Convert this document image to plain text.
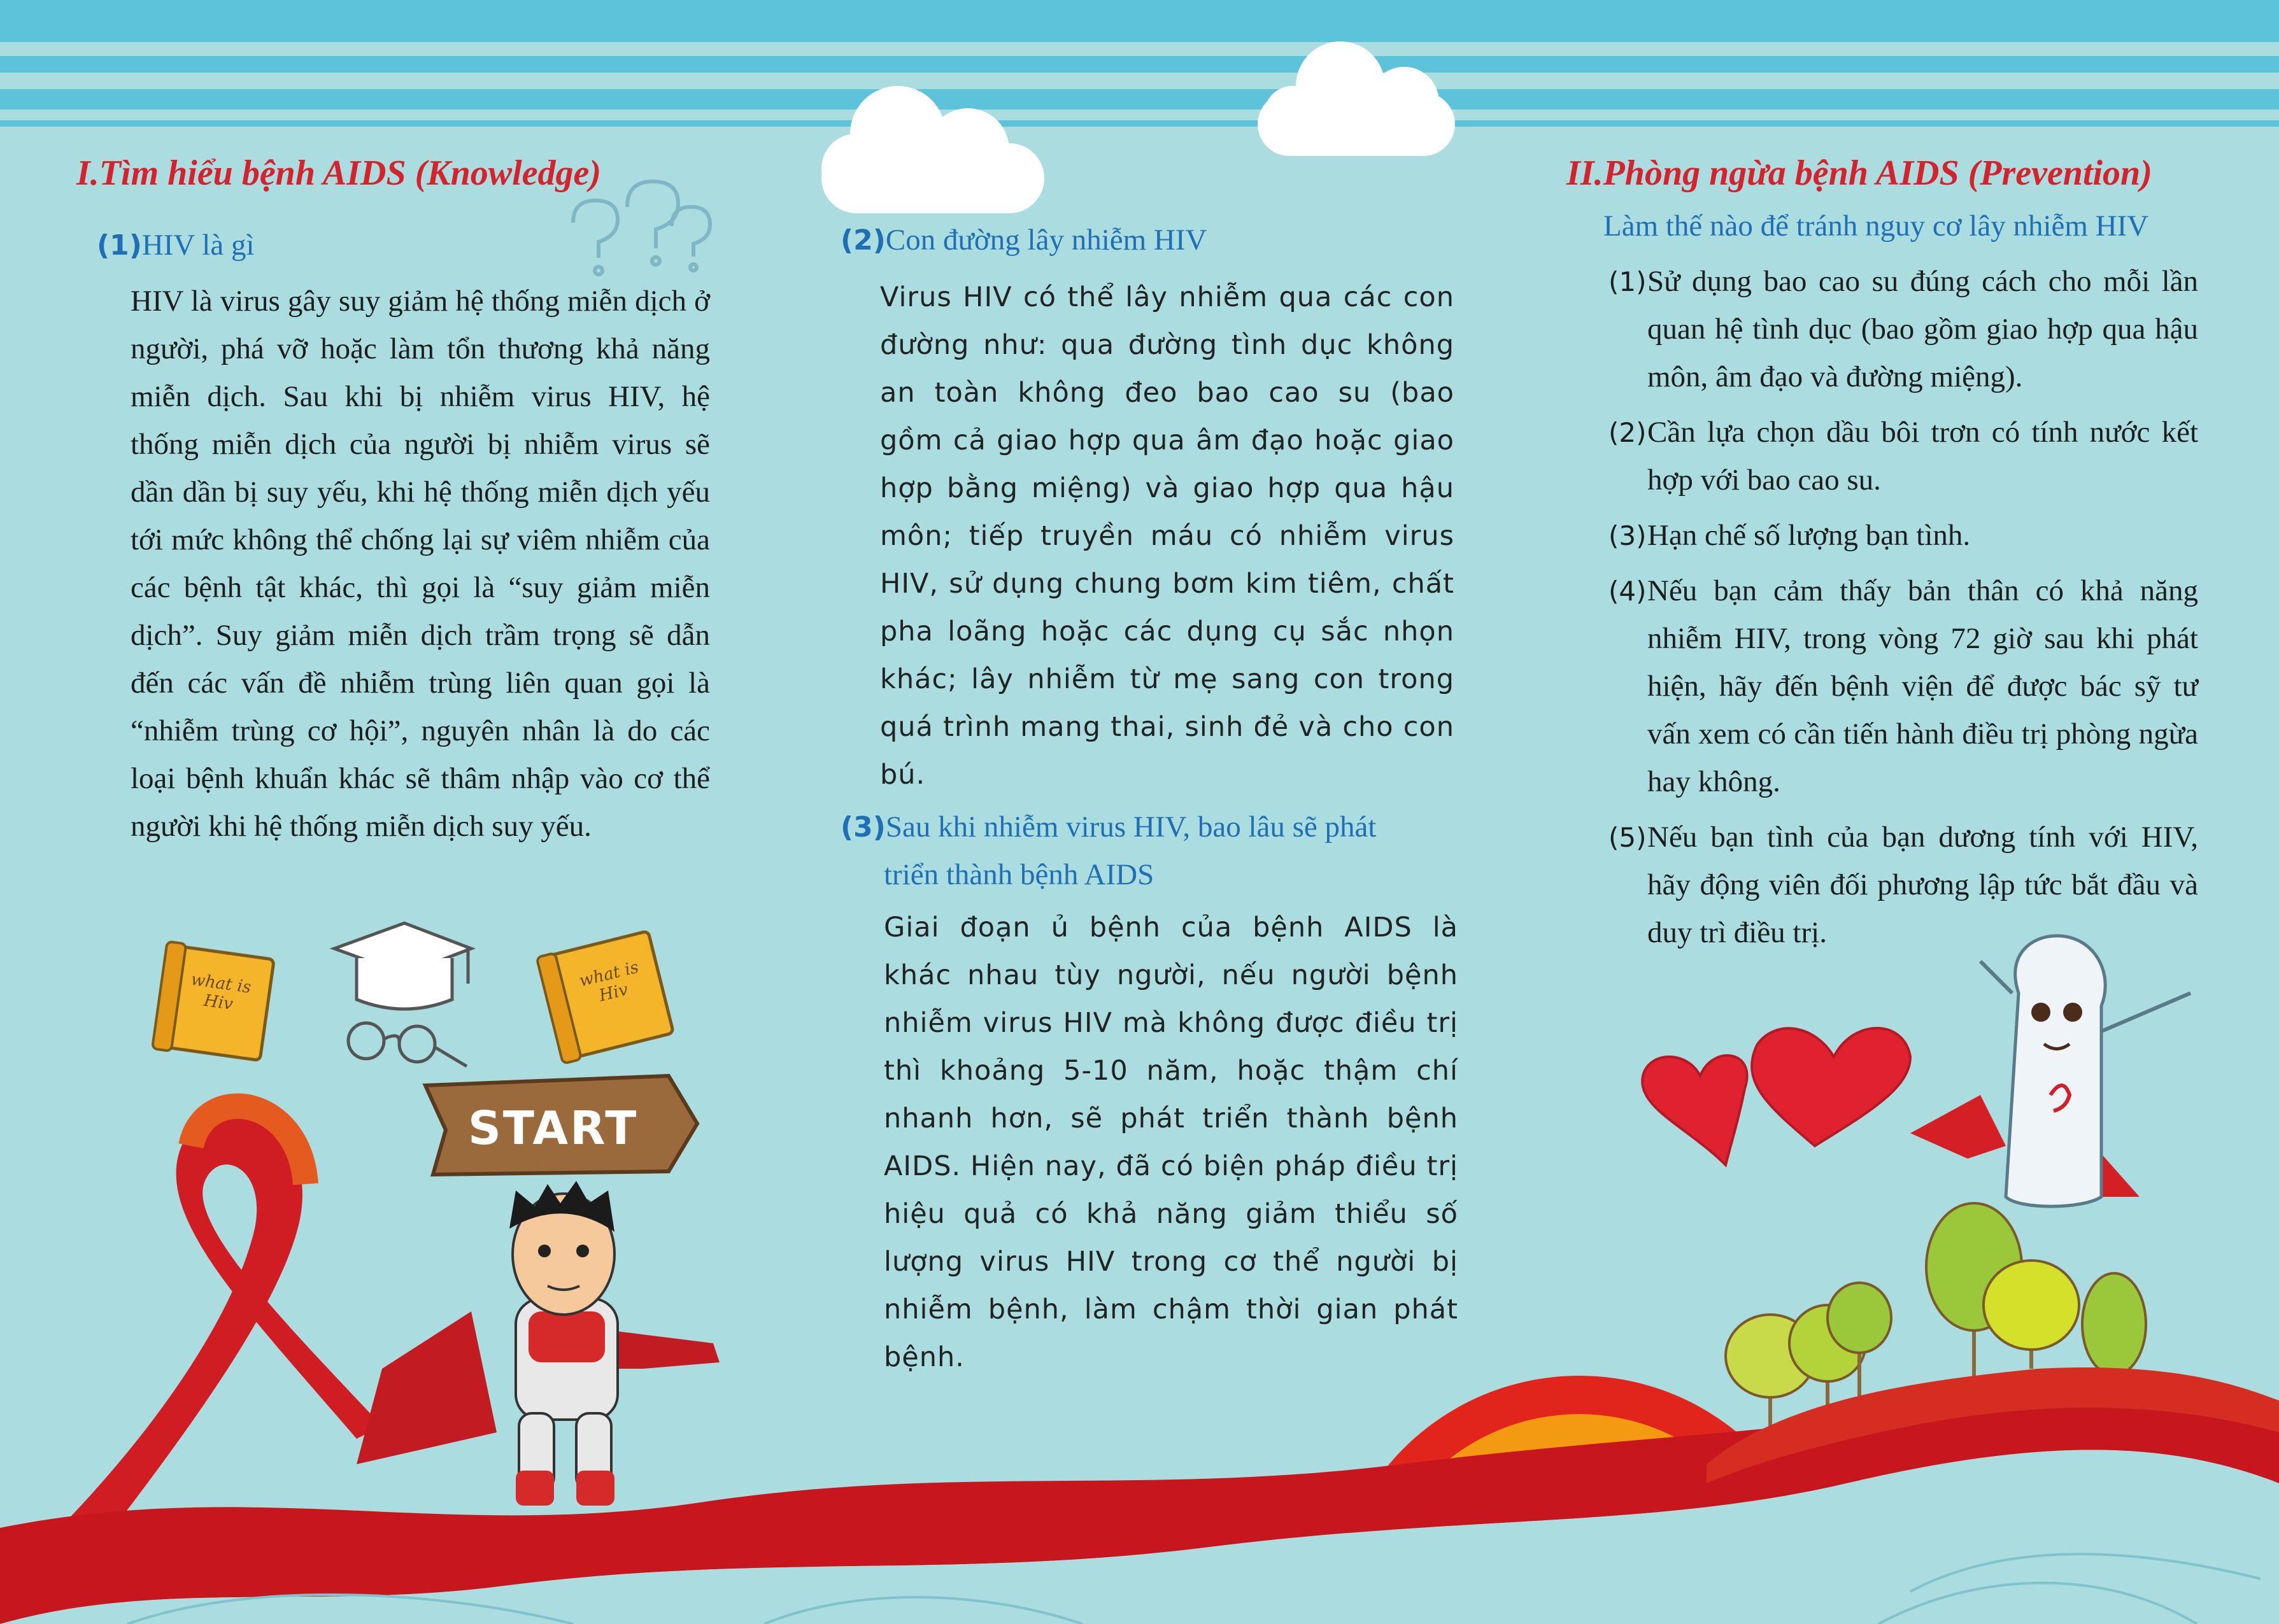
START
what is Hiv
what is Hiv
I.Tìm hiểu bệnh AIDS (Knowledge)
(1)HIV là gì

HIV là virus gây suy giảm hệ thống miễn dịch ở người, phá vỡ hoặc làm tổn thương khả năng miễn dịch. Sau khi bị nhiễm virus HIV, hệ thống miễn dịch của người bị nhiễm virus sẽ dần dần bị suy yếu, khi hệ thống miễn dịch yếu tới mức không thể chống lại sự viêm nhiễm của các bệnh tật khác, thì gọi là “suy giảm miễn dịch”. Suy giảm miễn dịch trầm trọng sẽ dẫn đến các vấn đề nhiễm trùng liên quan gọi là “nhiễm trùng cơ hội”, nguyên nhân là do các loại bệnh khuẩn khác sẽ thâm nhập vào cơ thể người khi hệ thống miễn dịch suy yếu.

(2)Con đường lây nhiễm HIV

Virus HIV có thể lây nhiễm qua các con đường như: qua đường tình dục không an toàn không đeo bao cao su (bao gồm cả giao hợp qua âm đạo hoặc giao hợp bằng miệng) và giao hợp qua hậu môn; tiếp truyền máu có nhiễm virus HIV, sử dụng chung bơm kim tiêm, chất pha loãng hoặc các dụng cụ sắc nhọn khác; lây nhiễm từ mẹ sang con trong quá trình mang thai, sinh đẻ và cho con bú.

(3)Sau khi nhiễm virus HIV, bao lâu sẽ phát
triển thành bệnh AIDS

Giai đoạn ủ bệnh của bệnh AIDS là khác nhau tùy người, nếu người bệnh nhiễm virus HIV mà không được điều trị thì khoảng 5-10 năm, hoặc thậm chí nhanh hơn, sẽ phát triển thành bệnh AIDS. Hiện nay, đã có biện pháp điều trị hiệu quả có khả năng giảm thiểu số lượng virus HIV trong cơ thể người bị nhiễm bệnh, làm chậm thời gian phát bệnh.

II.Phòng ngừa bệnh AIDS (Prevention)
Làm thế nào để tránh nguy cơ lây nhiễm HIV
(1) Sử dụng bao cao su đúng cách cho mỗi lần quan hệ tình dục (bao gồm giao hợp qua hậu môn, âm đạo và đường miệng).
(2) Cần lựa chọn dầu bôi trơn có tính nước kết hợp với bao cao su.
(3) Hạn chế số lượng bạn tình.
(4) Nếu bạn cảm thấy bản thân có khả năng nhiễm HIV, trong vòng 72 giờ sau khi phát hiện, hãy đến bệnh viện để được bác sỹ tư vấn xem có cần tiến hành điều trị phòng ngừa hay không.
(5) Nếu bạn tình của bạn dương tính với HIV, hãy động viên đối phương lập tức bắt đầu và duy trì điều trị.
